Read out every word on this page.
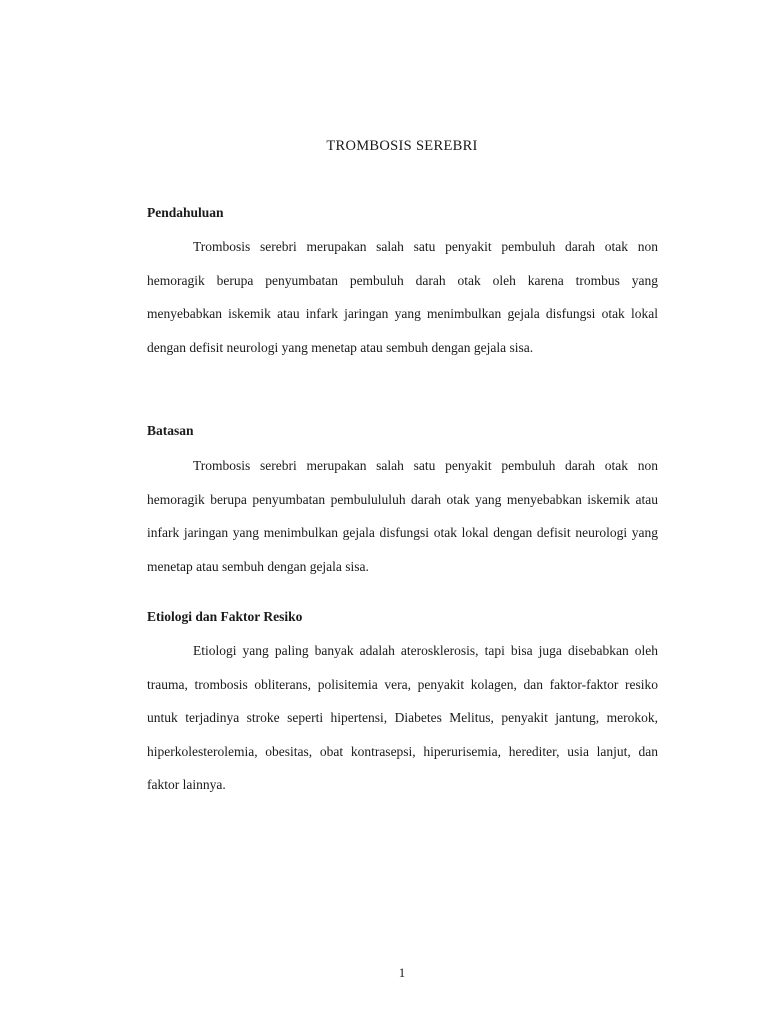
TROMBOSIS SEREBRI
Pendahuluan

Trombosis serebri merupakan salah satu penyakit pembuluh darah otak non hemoragik berupa penyumbatan pembuluh darah otak oleh karena trombus yang menyebabkan iskemik atau infark jaringan yang menimbulkan gejala disfungsi otak lokal dengan defisit neurologi yang menetap atau sembuh dengan gejala sisa.

Batasan

Trombosis serebri merupakan salah satu penyakit pembuluh darah otak non hemoragik berupa penyumbatan pembulululuh darah otak yang menyebabkan iskemik atau infark jaringan yang menimbulkan gejala disfungsi otak lokal dengan defisit neurologi yang menetap atau sembuh dengan gejala sisa.

Etiologi dan Faktor Resiko

Etiologi yang paling banyak adalah aterosklerosis, tapi bisa juga disebabkan oleh trauma, trombosis obliterans, polisitemia vera, penyakit kolagen, dan faktor-faktor resiko untuk terjadinya stroke seperti hipertensi, Diabetes Melitus, penyakit jantung, merokok, hiperkolesterolemia, obesitas, obat kontrasepsi, hiperurisemia, herediter, usia lanjut, dan faktor lainnya.

1
